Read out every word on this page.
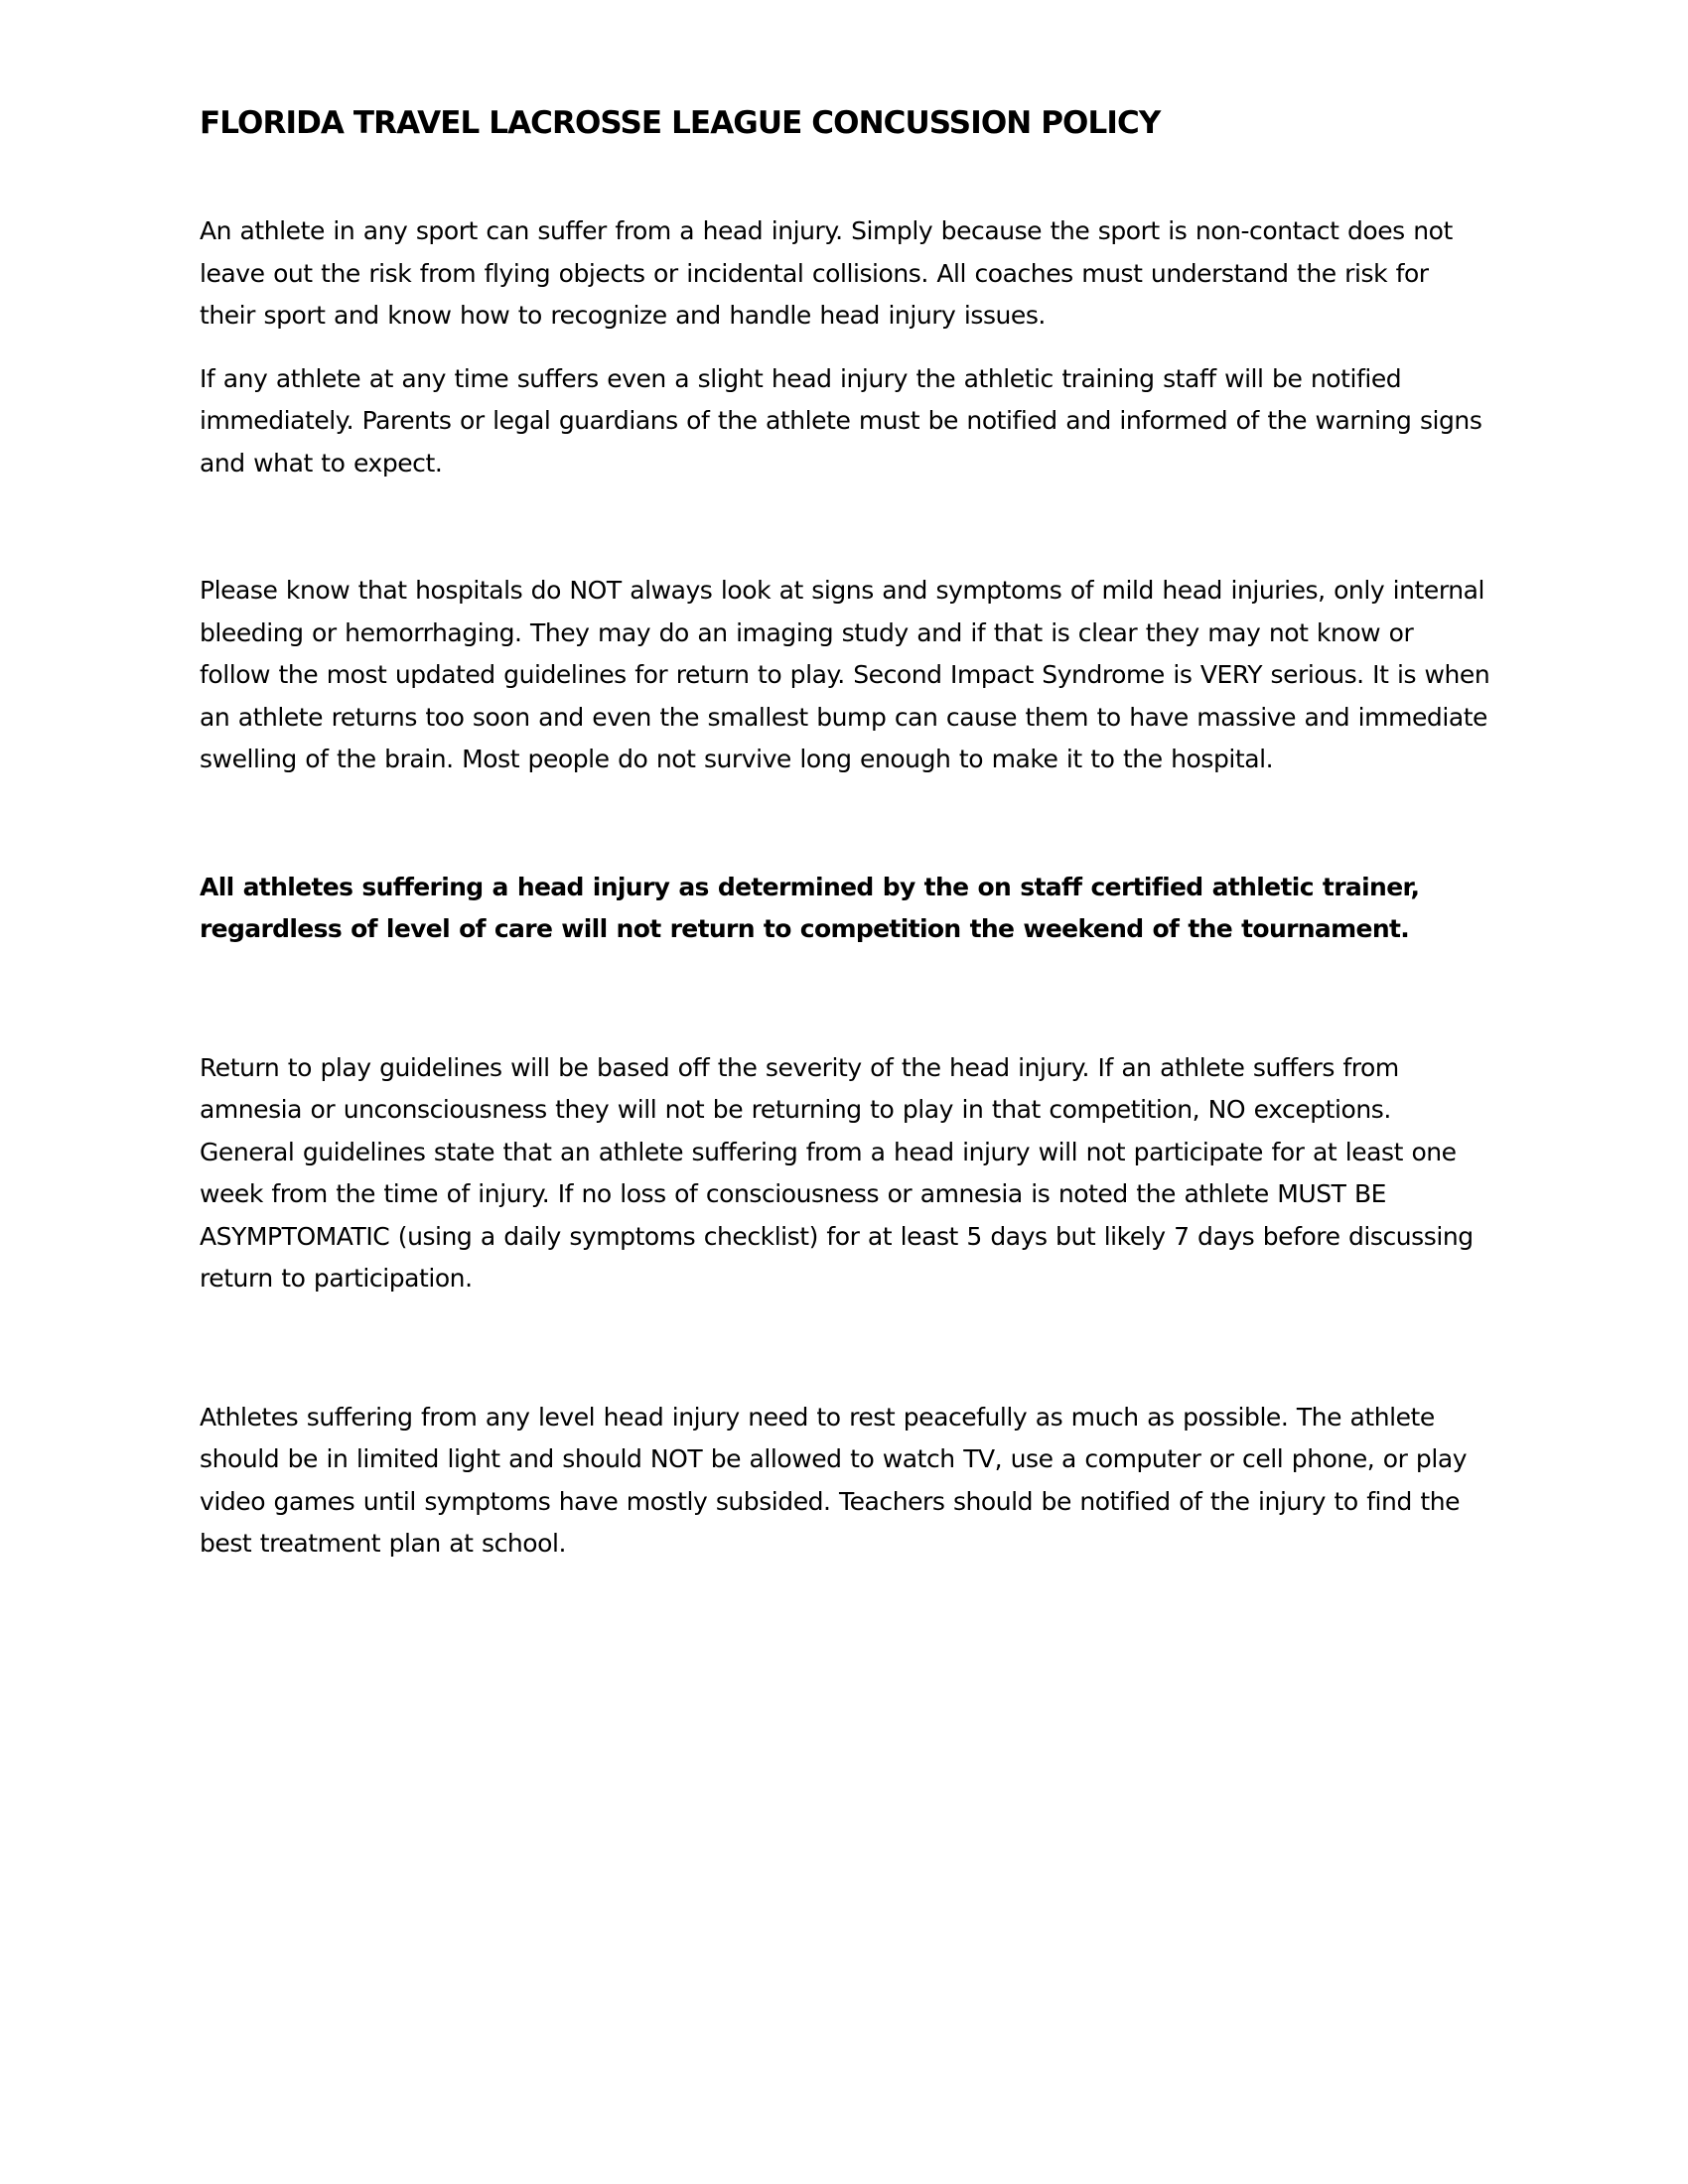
FLORIDA TRAVEL LACROSSE LEAGUE CONCUSSION POLICY

An athlete in any sport can suffer from a head injury. Simply because the sport is non-contact does not leave out the risk from flying objects or incidental collisions. All coaches must understand the risk for their sport and know how to recognize and handle head injury issues.

If any athlete at any time suffers even a slight head injury the athletic training staff will be notified immediately. Parents or legal guardians of the athlete must be notified and informed of the warning signs and what to expect.

Please know that hospitals do NOT always look at signs and symptoms of mild head injuries, only internal bleeding or hemorrhaging. They may do an imaging study and if that is clear they may not know or follow the most updated guidelines for return to play. Second Impact Syndrome is VERY serious. It is when an athlete returns too soon and even the smallest bump can cause them to have massive and immediate swelling of the brain. Most people do not survive long enough to make it to the hospital.

All athletes suffering a head injury as determined by the on staff certified athletic trainer, regardless of level of care will not return to competition the weekend of the tournament.

Return to play guidelines will be based off the severity of the head injury. If an athlete suffers from amnesia or unconsciousness they will not be returning to play in that competition, NO exceptions. General guidelines state that an athlete suffering from a head injury will not participate for at least one week from the time of injury. If no loss of consciousness or amnesia is noted the athlete MUST BE ASYMPTOMATIC (using a daily symptoms checklist) for at least 5 days but likely 7 days before discussing return to participation.

Athletes suffering from any level head injury need to rest peacefully as much as possible. The athlete should be in limited light and should NOT be allowed to watch TV, use a computer or cell phone, or play video games until symptoms have mostly subsided. Teachers should be notified of the injury to find the best treatment plan at school.
